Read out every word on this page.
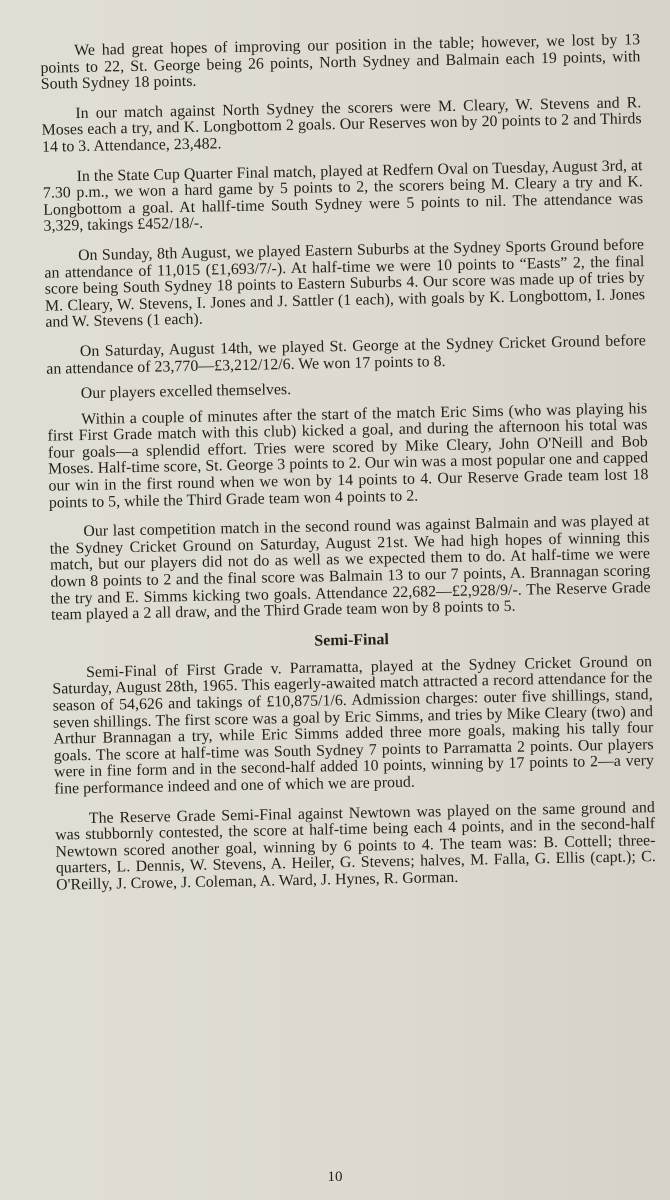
We had great hopes of improving our position in the table; however, we lost by 13 points to 22, St. George being 26 points, North Sydney and Balmain each 19 points, with South Sydney 18 points.

In our match against North Sydney the scorers were M. Cleary, W. Stevens and R. Moses each a try, and K. Longbottom 2 goals. Our Reserves won by 20 points to 2 and Thirds 14 to 3. Attendance, 23,482.

In the State Cup Quarter Final match, played at Redfern Oval on Tuesday, August 3rd, at 7.30 p.m., we won a hard game by 5 points to 2, the scorers being M. Cleary a try and K. Longbottom a goal. At hallf-time South Sydney were 5 points to nil. The attendance was 3,329, takings £452/18/-.

On Sunday, 8th August, we played Eastern Suburbs at the Sydney Sports Ground before an attendance of 11,015 (£1,693/7/-). At half-time we were 10 points to “Easts” 2, the final score being South Sydney 18 points to Eastern Suburbs 4. Our score was made up of tries by M. Cleary, W. Stevens, I. Jones and J. Sattler (1 each), with goals by K. Longbottom, I. Jones and W. Stevens (1 each).

On Saturday, August 14th, we played St. George at the Sydney Cricket Ground before an attendance of 23,770—£3,212/12/6. We won 17 points to 8.

Our players excelled themselves.

Within a couple of minutes after the start of the match Eric Sims (who was playing his first First Grade match with this club) kicked a goal, and during the afternoon his total was four goals—a splendid effort. Tries were scored by Mike Cleary, John O'Neill and Bob Moses. Half-time score, St. George 3 points to 2. Our win was a most popular one and capped our win in the first round when we won by 14 points to 4. Our Reserve Grade team lost 18 points to 5, while the Third Grade team won 4 points to 2.

Our last competition match in the second round was against Balmain and was played at the Sydney Cricket Ground on Saturday, August 21st. We had high hopes of winning this match, but our players did not do as well as we expected them to do. At half-time we were down 8 points to 2 and the final score was Balmain 13 to our 7 points, A. Brannagan scoring the try and E. Simms kicking two goals. Attendance 22,682—£2,928/9/-. The Reserve Grade team played a 2 all draw, and the Third Grade team won by 8 points to 5.

Semi-Final

Semi-Final of First Grade v. Parramatta, played at the Sydney Cricket Ground on Saturday, August 28th, 1965. This eagerly-awaited match attracted a record attendance for the season of 54,626 and takings of £10,875/1/6. Admission charges: outer five shillings, stand, seven shillings. The first score was a goal by Eric Simms, and tries by Mike Cleary (two) and Arthur Brannagan a try, while Eric Simms added three more goals, making his tally four goals. The score at half-time was South Sydney 7 points to Parramatta 2 points. Our players were in fine form and in the second-half added 10 points, winning by 17 points to 2—a very fine performance indeed and one of which we are proud.

The Reserve Grade Semi-Final against Newtown was played on the same ground and was stubbornly contested, the score at half-time being each 4 points, and in the second-half Newtown scored another goal, winning by 6 points to 4. The team was: B. Cottell; three-quarters, L. Dennis, W. Stevens, A. Heiler, G. Stevens; halves, M. Falla, G. Ellis (capt.); C. O'Reilly, J. Crowe, J. Coleman, A. Ward, J. Hynes, R. Gorman.

10
